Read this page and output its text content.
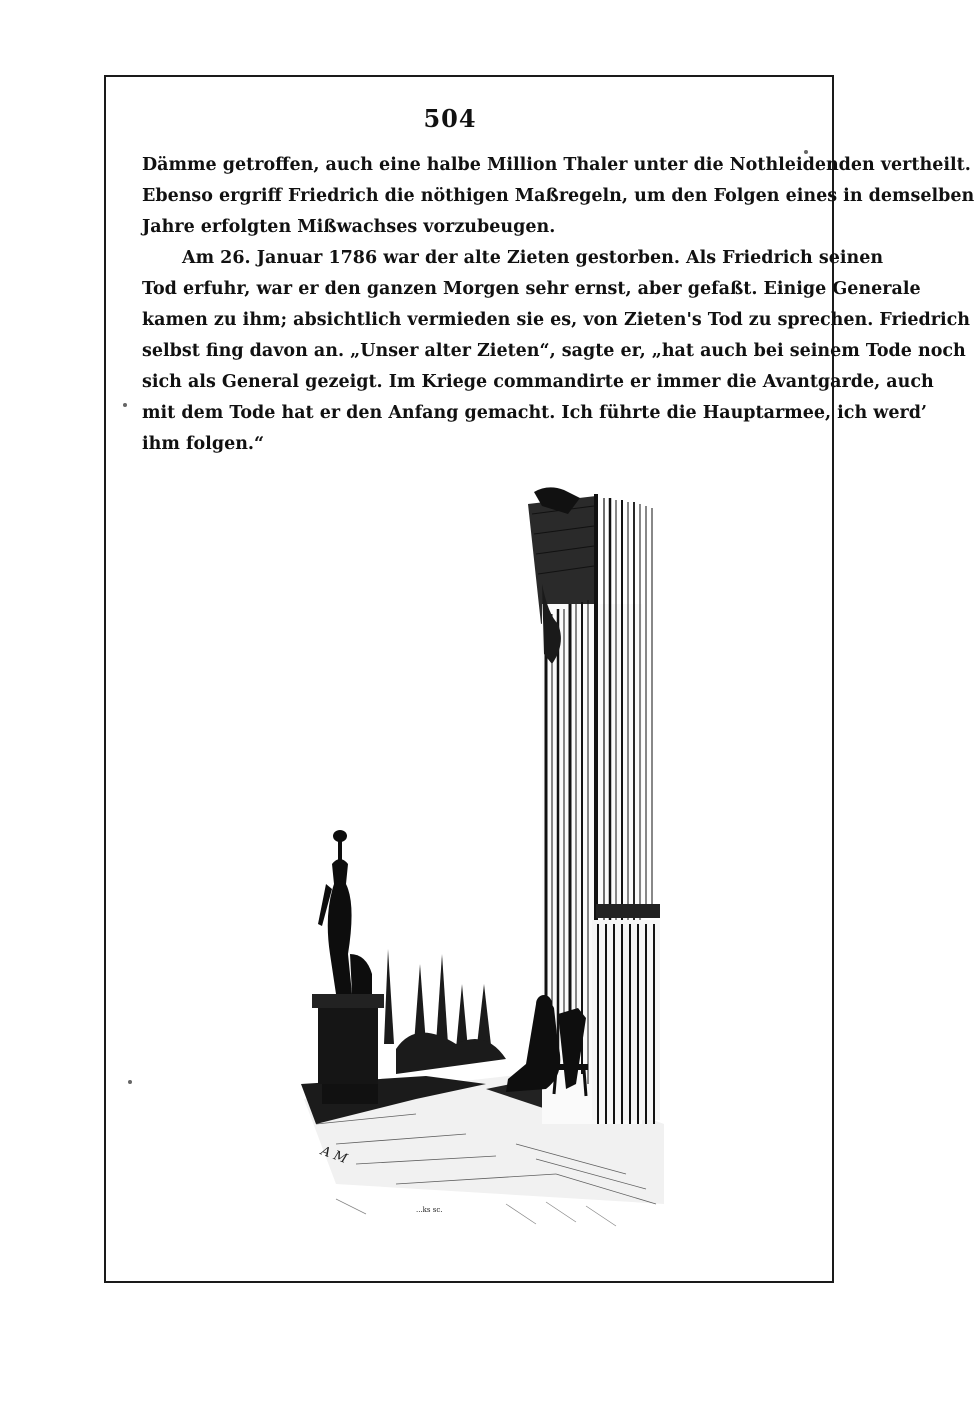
504
Dämme getroffen, auch eine halbe Million Thaler unter die Nothleidenden vertheilt.
Ebenso ergriff Friedrich die nöthigen Maßregeln, um den Folgen eines in demselben
Jahre erfolgten Mißwachses vorzubeugen.
Am 26. Januar 1786 war der alte Zieten gestorben. Als Friedrich seinen
Tod erfuhr, war er den ganzen Morgen sehr ernst, aber gefaßt. Einige Generale
kamen zu ihm; absichtlich vermieden sie es, von Zieten's Tod zu sprechen. Friedrich
selbst fing davon an. „Unser alter Zieten“, sagte er, „hat auch bei seinem Tode noch
sich als General gezeigt. Im Kriege commandirte er immer die Avantgarde, auch
mit dem Tode hat er den Anfang gemacht. Ich führte die Hauptarmee, ich werd’
ihm folgen.“
A M
...ks sc.
